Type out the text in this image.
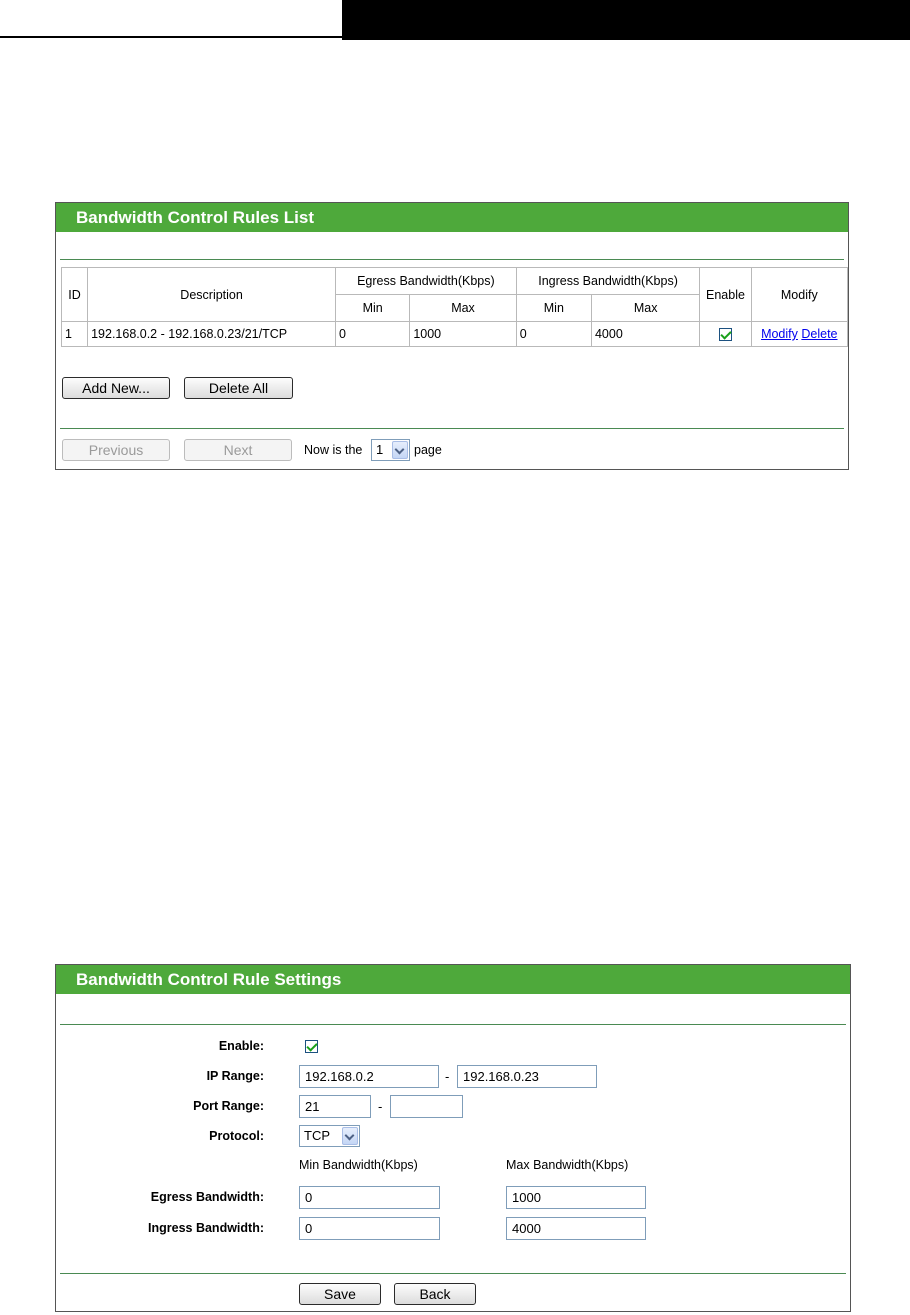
Bandwidth Control Rules List
ID	Description	Egress Bandwidth(Kbps)		Ingress Bandwidth(Kbps)		Enable	Modify
		Min	Max	Min	Max		
1	192.168.0.2 - 192.168.0.23/21/TCP	0	1000	0	4000		Modify Delete
Add New...	Delete All
Previous	Next	Now is the	1	page
Bandwidth Control Rule Settings
Enable:
IP Range:	192.168.0.2	-	192.168.0.23
Port Range:	21	-
Protocol:	TCP
Min Bandwidth(Kbps)	Max Bandwidth(Kbps)
Egress Bandwidth:	0	1000
Ingress Bandwidth:	0	4000
Save	Back
